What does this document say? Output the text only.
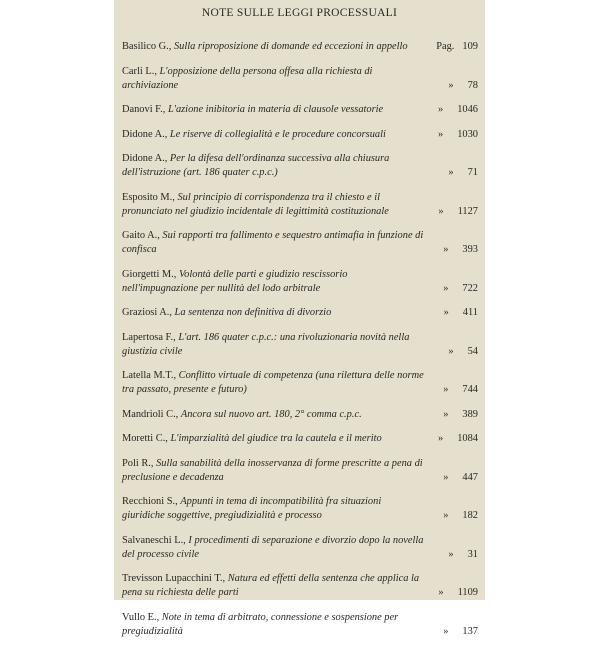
NOTE SULLE LEGGI PROCESSUALI
Basilico G., Sulla riproposizione di domande ed eccezioni in appello	Pag. 109
Carli L., L'opposizione della persona offesa alla richiesta di archiviazione	» 78
Danovi F., L'azione inibitoria in materia di clausole vessatorie	» 1046
Didone A., Le riserve di collegialità e le procedure concorsuali	» 1030
Didone A., Per la difesa dell'ordinanza successiva alla chiusura dell'istruzione (art. 186 quater c.p.c.)	» 71
Esposito M., Sul principio di corrispondenza tra il chiesto e il pronunciato nel giudizio incidentale di legittimità costituzionale	» 1127
Gaito A., Sui rapporti tra fallimento e sequestro antimafia in funzione di confisca	» 393
Giorgetti M., Volontà delle parti e giudizio rescissorio nell'impugnazione per nullità del lodo arbitrale	» 722
Graziosi A., La sentenza non definitiva di divorzio	» 411
Lapertosa F., L'art. 186 quater c.p.c.: una rivoluzionaria novità nella giustizia civile	» 54
Latella M.T., Conflitto virtuale di competenza (una rilettura delle norme tra passato, presente e futuro)	» 744
Mandrioli C., Ancora sul nuovo art. 180, 2° comma c.p.c.	» 389
Moretti C., L'imparzialità del giudice tra la cautela e il merito	» 1084
Poli R., Sulla sanabilità della inosservanza di forme prescritte a pena di preclusione e decadenza	» 447
Recchioni S., Appunti in tema di incompatibilità fra situazioni giuridiche soggettive, pregiudizialità e processo	» 182
Salvaneschi L., I procedimenti di separazione e divorzio dopo la novella del processo civile	» 31
Trevisson Lupacchini T., Natura ed effetti della sentenza che applica la pena su richiesta delle parti	» 1109
Vullo E., Note in tema di arbitrato, connessione e sospensione per pregiudizialità	» 137
